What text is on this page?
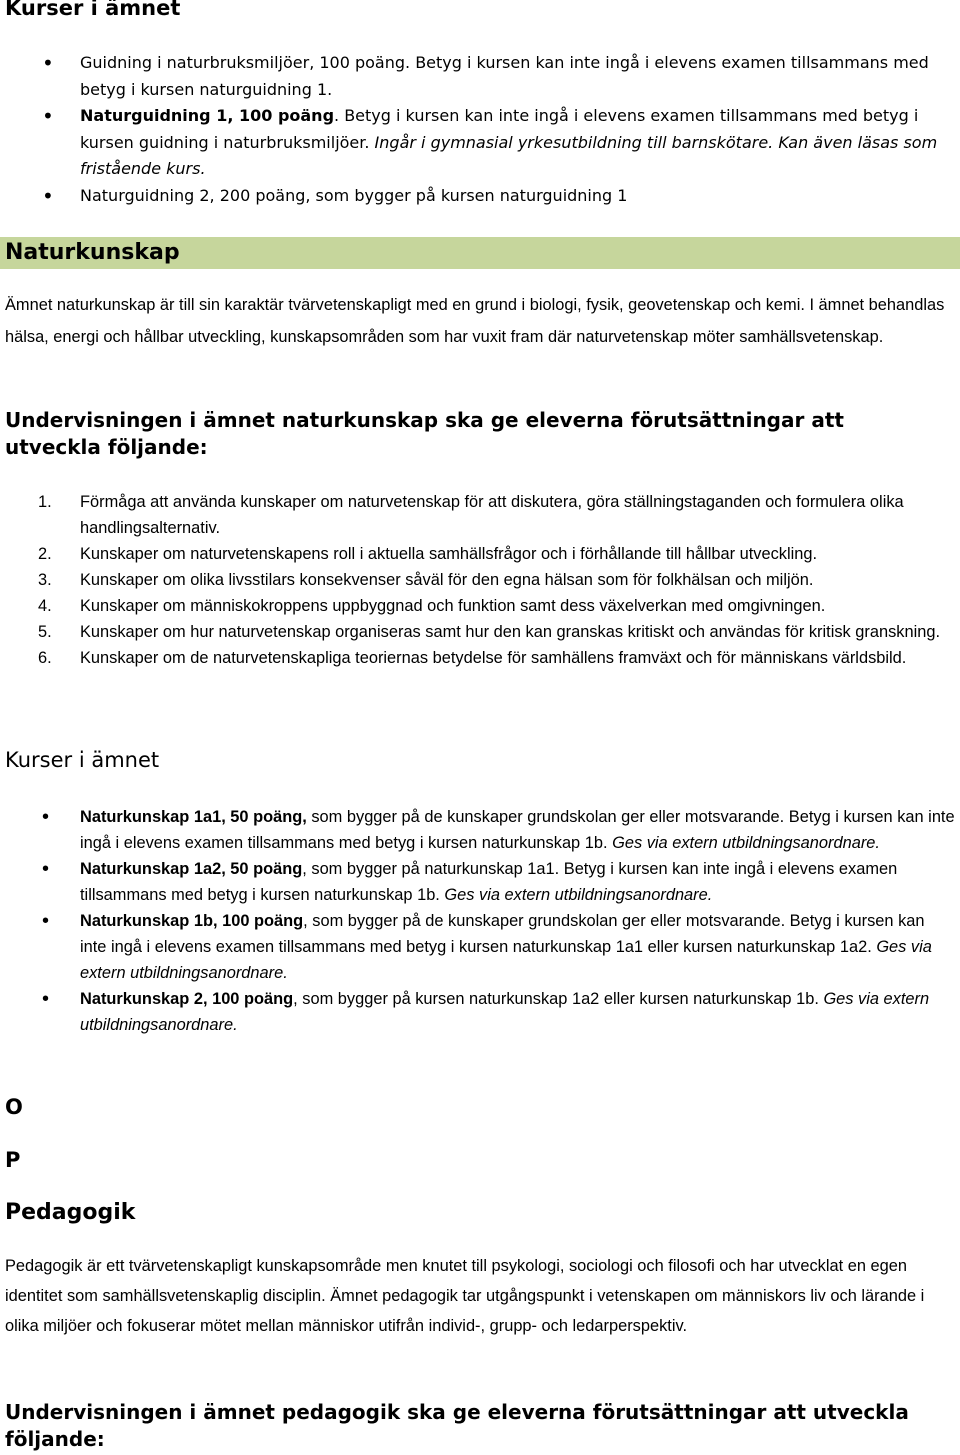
Kurser i ämnet
• Guidning i naturbruksmiljöer, 100 poäng. Betyg i kursen kan inte ingå i elevens examen tillsammans med betyg i kursen naturguidning 1.
• Naturguidning 1, 100 poäng. Betyg i kursen kan inte ingå i elevens examen tillsammans med betyg i kursen guidning i naturbruksmiljöer. Ingår i gymnasial yrkesutbildning till barnskötare. Kan även läsas som fristående kurs.
• Naturguidning 2, 200 poäng, som bygger på kursen naturguidning 1
Naturkunskap

Ämnet naturkunskap är till sin karaktär tvärvetenskapligt med en grund i biologi, fysik, geovetenskap och kemi. I ämnet behandlas hälsa, energi och hållbar utveckling, kunskapsområden som har vuxit fram där naturvetenskap möter samhällsvetenskap.

Undervisningen i ämnet naturkunskap ska ge eleverna förutsättningar att utveckla följande:
1. Förmåga att använda kunskaper om naturvetenskap för att diskutera, göra ställningstaganden och formulera olika handlingsalternativ.
2. Kunskaper om naturvetenskapens roll i aktuella samhällsfrågor och i förhållande till hållbar utveckling.
3. Kunskaper om olika livsstilars konsekvenser såväl för den egna hälsan som för folkhälsan och miljön.
4. Kunskaper om människokroppens uppbyggnad och funktion samt dess växelverkan med omgivningen.
5. Kunskaper om hur naturvetenskap organiseras samt hur den kan granskas kritiskt och användas för kritisk granskning.
6. Kunskaper om de naturvetenskapliga teoriernas betydelse för samhällens framväxt och för människans världsbild.
Kurser i ämnet
• Naturkunskap 1a1, 50 poäng, som bygger på de kunskaper grundskolan ger eller motsvarande. Betyg i kursen kan inte ingå i elevens examen tillsammans med betyg i kursen naturkunskap 1b. Ges via extern utbildningsanordnare.
• Naturkunskap 1a2, 50 poäng, som bygger på naturkunskap 1a1. Betyg i kursen kan inte ingå i elevens examen tillsammans med betyg i kursen naturkunskap 1b. Ges via extern utbildningsanordnare.
• Naturkunskap 1b, 100 poäng, som bygger på de kunskaper grundskolan ger eller motsvarande. Betyg i kursen kan inte ingå i elevens examen tillsammans med betyg i kursen naturkunskap 1a1 eller kursen naturkunskap 1a2. Ges via extern utbildningsanordnare.
• Naturkunskap 2, 100 poäng, som bygger på kursen naturkunskap 1a2 eller kursen naturkunskap 1b. Ges via extern utbildningsanordnare.
O
P
Pedagogik

Pedagogik är ett tvärvetenskapligt kunskapsområde men knutet till psykologi, sociologi och filosofi och har utvecklat en egen identitet som samhällsvetenskaplig disciplin. Ämnet pedagogik tar utgångspunkt i vetenskapen om människors liv och lärande i olika miljöer och fokuserar mötet mellan människor utifrån individ-, grupp- och ledarperspektiv.

Undervisningen i ämnet pedagogik ska ge eleverna förutsättningar att utveckla följande:
